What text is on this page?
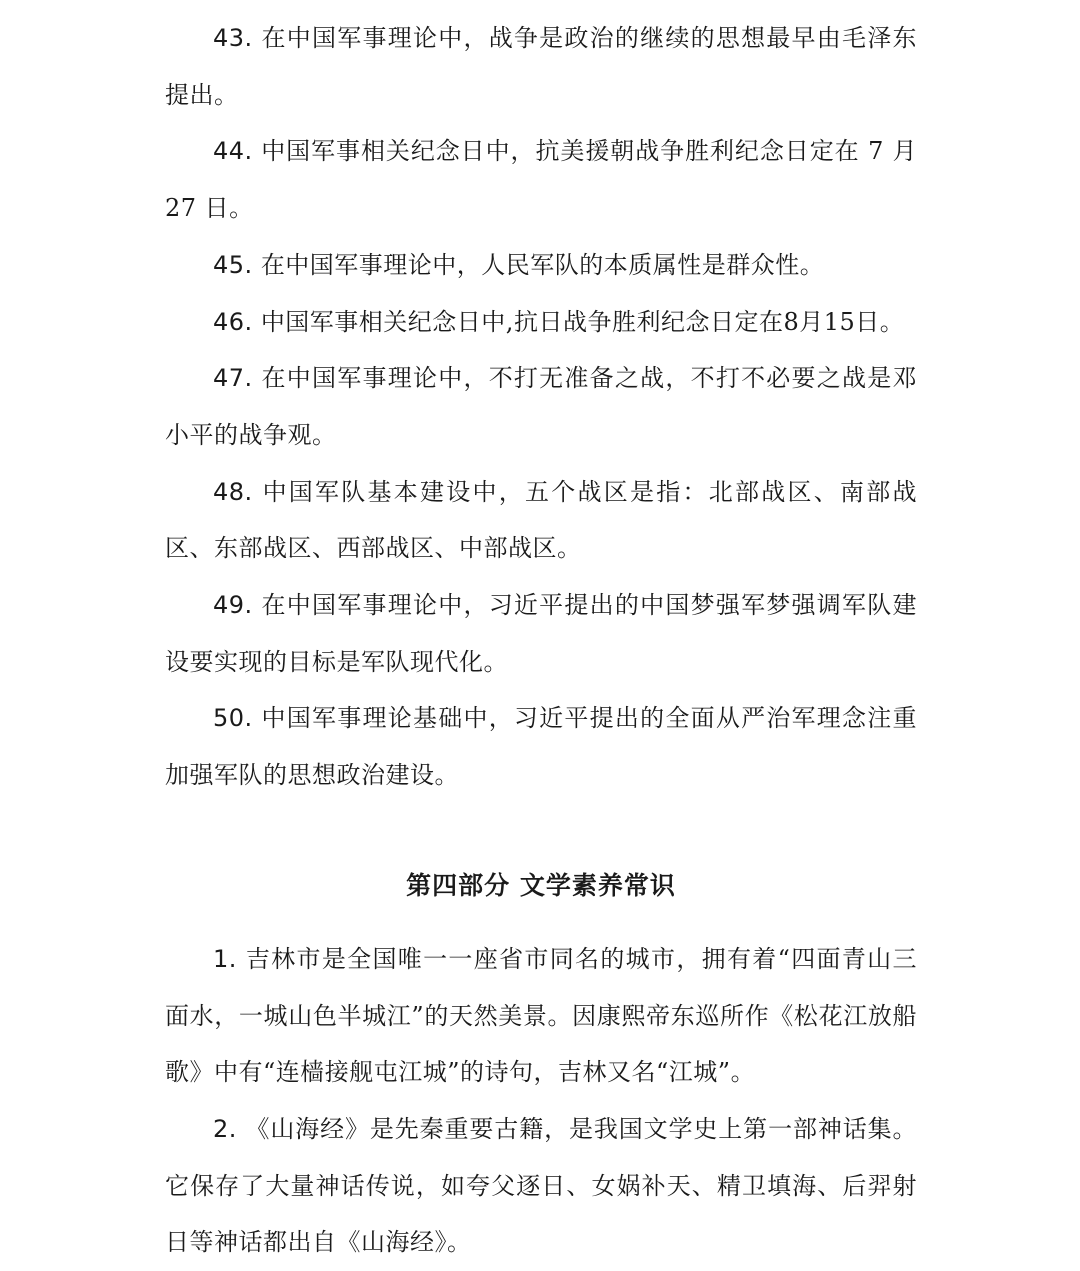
43. 在中国军事理论中，战争是政治的继续的思想最早由毛泽东提出。

44. 中国军事相关纪念日中，抗美援朝战争胜利纪念日定在 7 月 27 日。

45. 在中国军事理论中，人民军队的本质属性是群众性。

46. 中国军事相关纪念日中,抗日战争胜利纪念日定在8月15日。

47. 在中国军事理论中，不打无准备之战，不打不必要之战是邓小平的战争观。

48. 中国军队基本建设中，五个战区是指：北部战区、南部战区、东部战区、西部战区、中部战区。

49. 在中国军事理论中，习近平提出的中国梦强军梦强调军队建设要实现的目标是军队现代化。

50. 中国军事理论基础中，习近平提出的全面从严治军理念注重加强军队的思想政治建设。

第四部分 文学素养常识

1. 吉林市是全国唯一一座省市同名的城市，拥有着“四面青山三面水，一城山色半城江”的天然美景。因康熙帝东巡所作《松花江放船歌》中有“连樯接舰屯江城”的诗句，吉林又名“江城”。

2. 《山海经》是先秦重要古籍，是我国文学史上第一部神话集。它保存了大量神话传说，如夸父逐日、女娲补天、精卫填海、后羿射日等神话都出自《山海经》。
